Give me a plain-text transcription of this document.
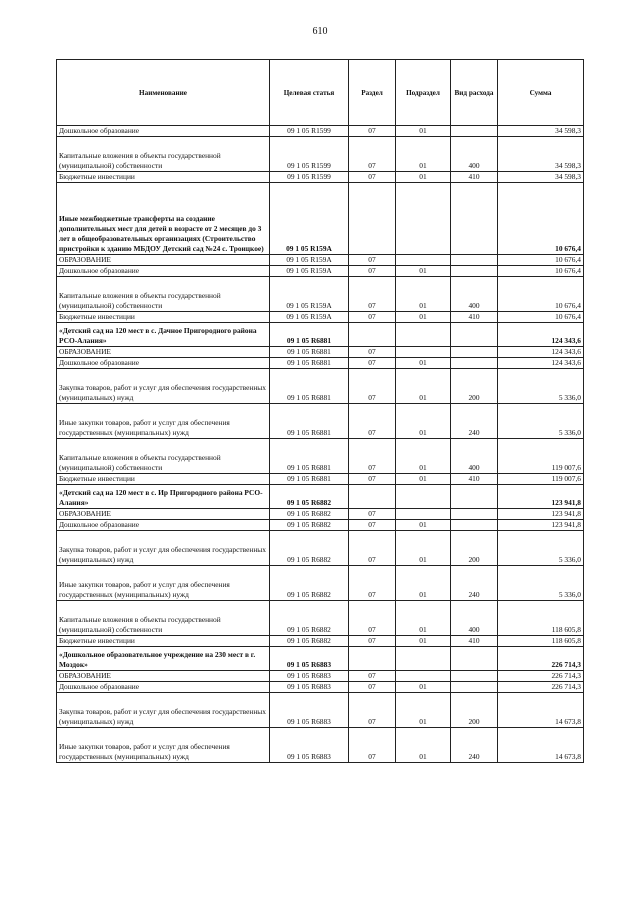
610
Наименование	Целевая статья	Раздел	Подраздел	Вид расхода	Сумма
Дошкольное образование	09 1 05 R1599	07	01		34 598,3
Капитальные вложения в объекты государственной (муниципальной) собственности	09 1 05 R1599	07	01	400	34 598,3
Бюджетные инвестиции	09 1 05 R1599	07	01	410	34 598,3
Иные межбюджетные трансферты на создание дополнительных мест для детей в возрасте от 2 месяцев до 3 лет в общеобразовательных организациях (Строительство пристройки к зданию МБДОУ Детский сад №24 с. Троицкое)	09 1 05 R159A				10 676,4
ОБРАЗОВАНИЕ	09 1 05 R159A	07			10 676,4
Дошкольное образование	09 1 05 R159A	07	01		10 676,4
Капитальные вложения в объекты государственной (муниципальной) собственности	09 1 05 R159A	07	01	400	10 676,4
Бюджетные инвестиции	09 1 05 R159A	07	01	410	10 676,4
«Детский сад на 120 мест в с. Дачное Пригородного района РСО-Алания»	09 1 05 R6881				124 343,6
ОБРАЗОВАНИЕ	09 1 05 R6881	07			124 343,6
Дошкольное образование	09 1 05 R6881	07	01		124 343,6
Закупка товаров, работ и услуг для обеспечения государственных (муниципальных) нужд	09 1 05 R6881	07	01	200	5 336,0
Иные закупки товаров, работ и услуг для обеспечения государственных (муниципальных) нужд	09 1 05 R6881	07	01	240	5 336,0
Капитальные вложения в объекты государственной (муниципальной) собственности	09 1 05 R6881	07	01	400	119 007,6
Бюджетные инвестиции	09 1 05 R6881	07	01	410	119 007,6
«Детский сад на 120 мест в с. Ир Пригородного района РСО-Алания»	09 1 05 R6882				123 941,8
ОБРАЗОВАНИЕ	09 1 05 R6882	07			123 941,8
Дошкольное образование	09 1 05 R6882	07	01		123 941,8
Закупка товаров, работ и услуг для обеспечения государственных (муниципальных) нужд	09 1 05 R6882	07	01	200	5 336,0
Иные закупки товаров, работ и услуг для обеспечения государственных (муниципальных) нужд	09 1 05 R6882	07	01	240	5 336,0
Капитальные вложения в объекты государственной (муниципальной) собственности	09 1 05 R6882	07	01	400	118 605,8
Бюджетные инвестиции	09 1 05 R6882	07	01	410	118 605,8
«Дошкольное образовательное учреждение на 230 мест в г. Моздок»	09 1 05 R6883				226 714,3
ОБРАЗОВАНИЕ	09 1 05 R6883	07			226 714,3
Дошкольное образование	09 1 05 R6883	07	01		226 714,3
Закупка товаров, работ и услуг для обеспечения государственных (муниципальных) нужд	09 1 05 R6883	07	01	200	14 673,8
Иные закупки товаров, работ и услуг для обеспечения государственных (муниципальных) нужд	09 1 05 R6883	07	01	240	14 673,8
